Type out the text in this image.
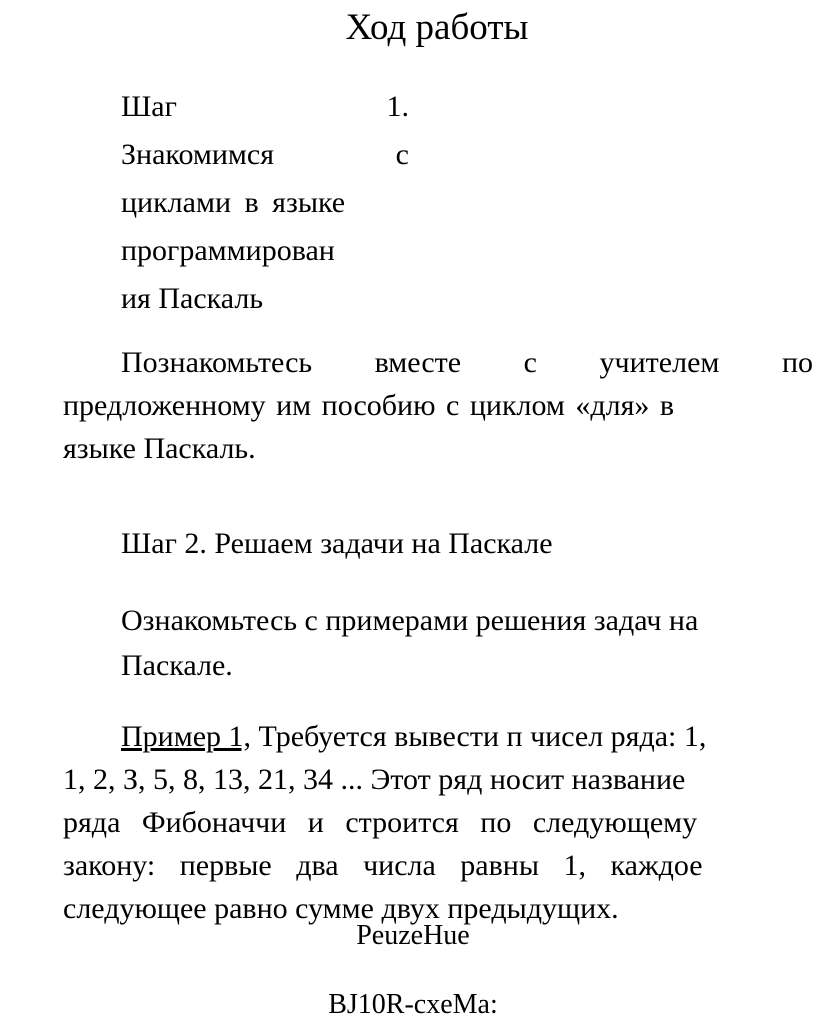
Ход работы
Шаг	1.
Знакомимся	с
циклами в языке
программирован
ия Паскаль
Познакомьтесь вместе с учителем по
предложенному им пособию с циклом «для» в
языке Паскаль.
Шаг 2. Решаем задачи на Паскале
Ознакомьтесь с примерами решения задач на
Паскале.
Пример 1, Требуется вывести п чисел ряда: 1,
1, 2, З, 5, 8, 13, 21, 34 ... Этот ряд носит название
ряда Фибоначчи и строится по следующему
закону: первые два числа равны 1, каждое
следующее равно сумме двух предыдущих.
PeuzeHue
BJ10R-cxeMa:
